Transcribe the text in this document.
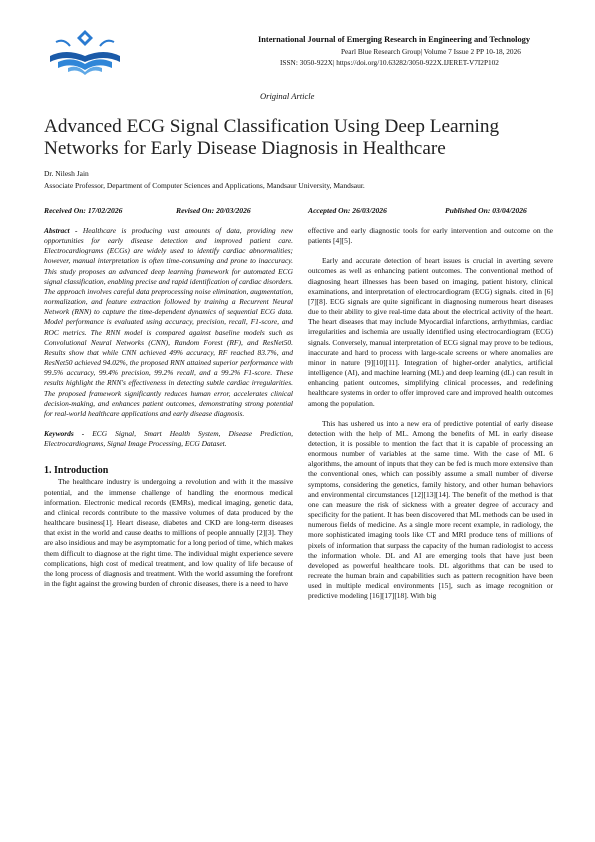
International Journal of Emerging Research in Engineering and Technology
Pearl Blue Research Group| Volume 7 Issue 2 PP 10-18, 2026
ISSN: 3050-922X| https://doi.org/10.63282/3050-922X.IJERET-V7I2P102
Original Article
Advanced ECG Signal Classification Using Deep Learning Networks for Early Disease Diagnosis in Healthcare
Dr. Nilesh Jain
Associate Professor, Department of Computer Sciences and Applications, Mandsaur University, Mandsaur.
Received On: 17/02/2026	Revised On: 20/03/2026	Accepted On: 26/03/2026	Published On: 03/04/2026

Abstract - Healthcare is producing vast amounts of data, providing new opportunities for early disease detection and improved patient care. Electrocardiograms (ECGs) are widely used to identify cardiac abnormalities; however, manual interpretation is often time-consuming and prone to inaccuracy. This study proposes an advanced deep learning framework for automated ECG signal classification, enabling precise and rapid identification of cardiac disorders. The approach involves careful data preprocessing noise elimination, augmentation, normalization, and feature extraction followed by training a Recurrent Neural Network (RNN) to capture the time-dependent dynamics of sequential ECG data. Model performance is evaluated using accuracy, precision, recall, F1-score, and ROC metrics. The RNN model is compared against baseline models such as Convolutional Neural Networks (CNN), Random Forest (RF), and ResNet50. Results show that while CNN achieved 49% accuracy, RF reached 83.7%, and ResNet50 achieved 94.02%, the proposed RNN attained superior performance with 99.5% accuracy, 99.4% precision, 99.2% recall, and a 99.2% F1-score. These results highlight the RNN's effectiveness in detecting subtle cardiac irregularities. The proposed framework significantly reduces human error, accelerates clinical decision-making, and enhances patient outcomes, demonstrating strong potential for real-world healthcare applications and early disease diagnosis.

Keywords - ECG Signal, Smart Health System, Disease Prediction, Electrocardiograms, Signal Image Processing, ECG Dataset.

1. Introduction

The healthcare industry is undergoing a revolution and with it the massive potential, and the immense challenge of handling the enormous medical information. Electronic medical records (EMRs), medical imaging, genetic data, and clinical records contribute to the massive volumes of data produced by the healthcare business[1]. Heart disease, diabetes and CKD are long-term diseases that exist in the world and cause deaths to millions of people annually [2][3]. They are also insidious and may be asymptomatic for a long period of time, which makes them difficult to diagnose at the right time. The individual might experience severe complications, high cost of medical treatment, and low quality of life because of the long process of diagnosis and treatment. With the world assuming the forefront in the fight against the growing burden of chronic diseases, there is a need to have

effective and early diagnostic tools for early intervention and outcome on the patients [4][5].

Early and accurate detection of heart issues is crucial in averting severe outcomes as well as enhancing patient outcomes. The conventional method of diagnosing heart illnesses has been based on imaging, patient history, clinical examinations, and interpretation of electrocardiogram (ECG) signals. cited in [6][7][8]. ECG signals are quite significant in diagnosing numerous heart diseases due to their ability to give real-time data about the electrical activity of the heart. The heart diseases that may include Myocardial infarctions, arrhythmias, cardiac irregularities and ischemia are usually identified using electrocardiogram (ECG) signals. Conversely, manual interpretation of ECG signal may prove to be tedious, inaccurate and hard to process with large-scale screens or where anomalies are minor in nature [9][10][11]. Integration of higher-order analytics, artificial intelligence (AI), and machine learning (ML) and deep learning (dL) can result in enhancing patient outcomes, simplifying clinical processes, and redefining healthcare systems in order to offer improved care and improved health outcomes among the population.

This has ushered us into a new era of predictive potential of early disease detection with the help of ML. Among the benefits of ML in early disease detection, it is possible to mention the fact that it is capable of processing an enormous number of variables at the same time. With the case of ML 6 algorithms, the amount of inputs that they can be fed is much more extensive than the conventional ones, which can possibly assume a small number of diverse symptoms, considering the genetics, family history, and other human behaviors and environmental circumstances [12][13][14]. The benefit of the method is that one can measure the risk of sickness with a greater degree of accuracy and specificity for the patient. It has been discovered that ML methods can be used in numerous fields of medicine. As a single more recent example, in radiology, the more sophisticated imaging tools like CT and MRI produce tens of millions of pixels of information that surpass the capacity of the human radiologist to access the information whole. DL and AI are emerging tools that have just been developed as powerful healthcare tools. DL algorithms that can be used to recreate the human brain and capabilities such as pattern recognition have been used in multiple medical environments [15], such as image recognition or predictive modeling [16][17][18]. With big
